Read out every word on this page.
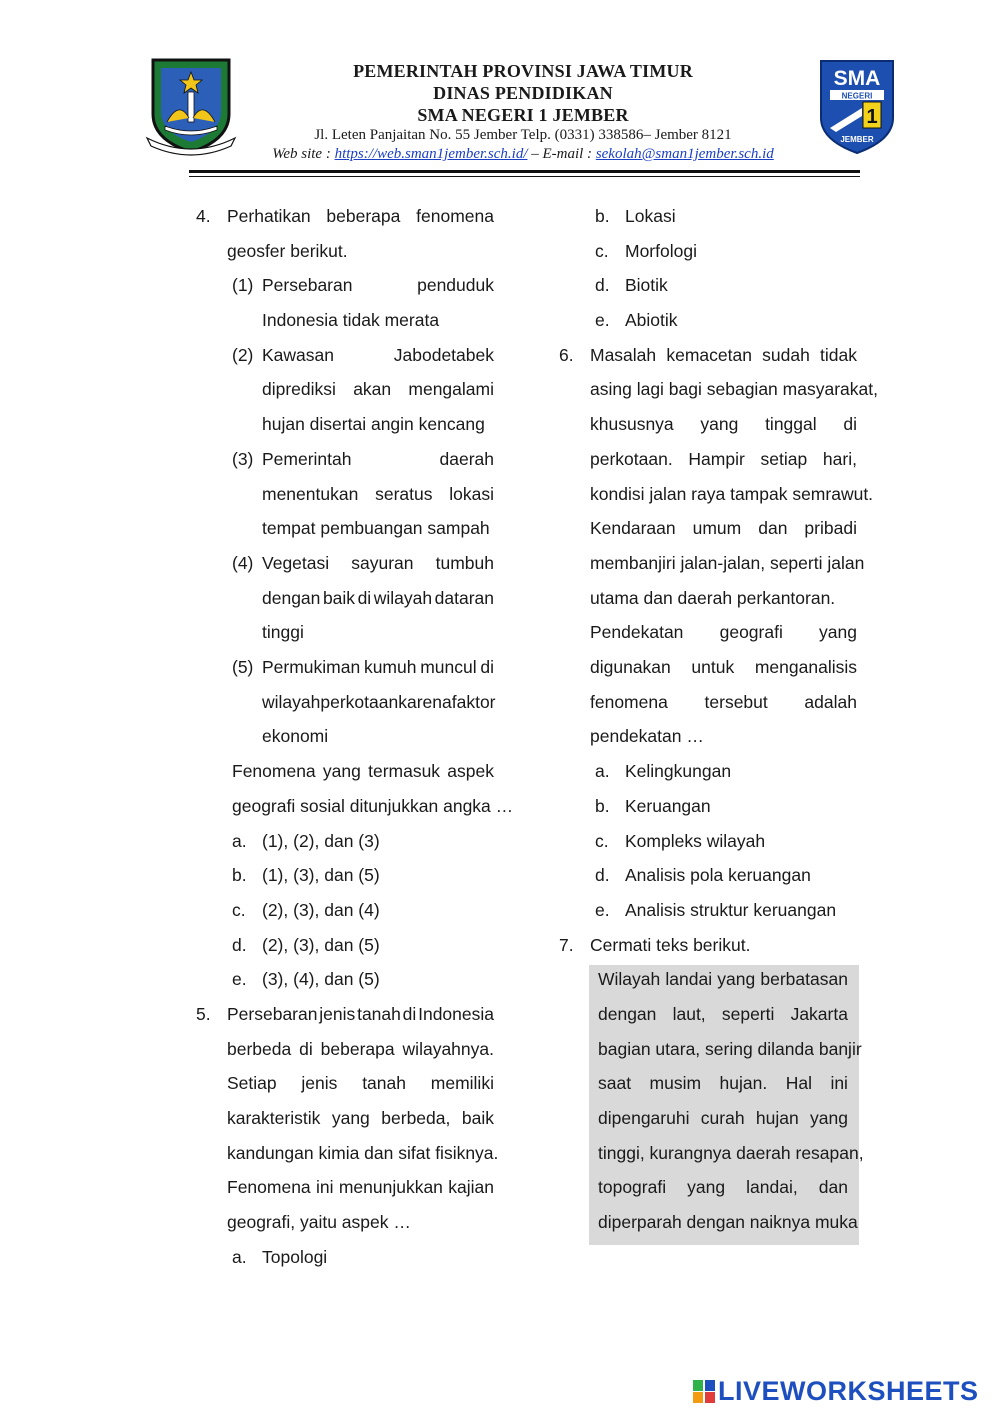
PEMERINTAH PROVINSI JAWA TIMUR
DINAS PENDIDIKAN
SMA NEGERI 1 JEMBER
Jl. Leten Panjaitan No. 55 Jember Telp. (0331) 338586– Jember 8121
Web site : https://web.sman1jember.sch.id/ – E-mail : sekolah@sman1jember.sch.id
SMA
NEGERI
1
JEMBER
4. Perhatikan beberapa fenomena
geosfer berikut.
(1) Persebaran	penduduk
Indonesia tidak merata
(2) Kawasan	Jabodetabek
diprediksi akan mengalami
hujan disertai angin kencang
(3) Pemerintah	daerah
menentukan seratus lokasi
tempat pembuangan sampah
(4) Vegetasi sayuran tumbuh
dengan baik di wilayah dataran
tinggi
(5) Permukiman kumuh muncul di
wilayah perkotaan karena faktor
ekonomi
Fenomena yang termasuk aspek
geografi sosial ditunjukkan angka …
a. (1), (2), dan (3)
b. (1), (3), dan (5)
c. (2), (3), dan (4)
d. (2), (3), dan (5)
e. (3), (4), dan (5)
5. Persebaran jenis tanah di Indonesia
berbeda di beberapa wilayahnya.
Setiap jenis tanah memiliki
karakteristik yang berbeda, baik
kandungan kimia dan sifat fisiknya.
Fenomena ini menunjukkan kajian
geografi, yaitu aspek …
a. Topologi
b. Lokasi
c. Morfologi
d. Biotik
e. Abiotik
6. Masalah kemacetan sudah tidak
asing lagi bagi sebagian masyarakat,
khususnya yang tinggal di
perkotaan. Hampir setiap hari,
kondisi jalan raya tampak semrawut.
Kendaraan umum dan pribadi
membanjiri jalan-jalan, seperti jalan
utama dan daerah perkantoran.
Pendekatan geografi yang
digunakan untuk menganalisis
fenomena tersebut adalah
pendekatan …
a. Kelingkungan
b. Keruangan
c. Kompleks wilayah
d. Analisis pola keruangan
e. Analisis struktur keruangan
7. Cermati teks berikut.
Wilayah landai yang berbatasan
dengan laut, seperti Jakarta
bagian utara, sering dilanda banjir
saat musim hujan. Hal ini
dipengaruhi curah hujan yang
tinggi, kurangnya daerah resapan,
topografi yang landai, dan
diperparah dengan naiknya muka
LIVEWORKSHEETS
